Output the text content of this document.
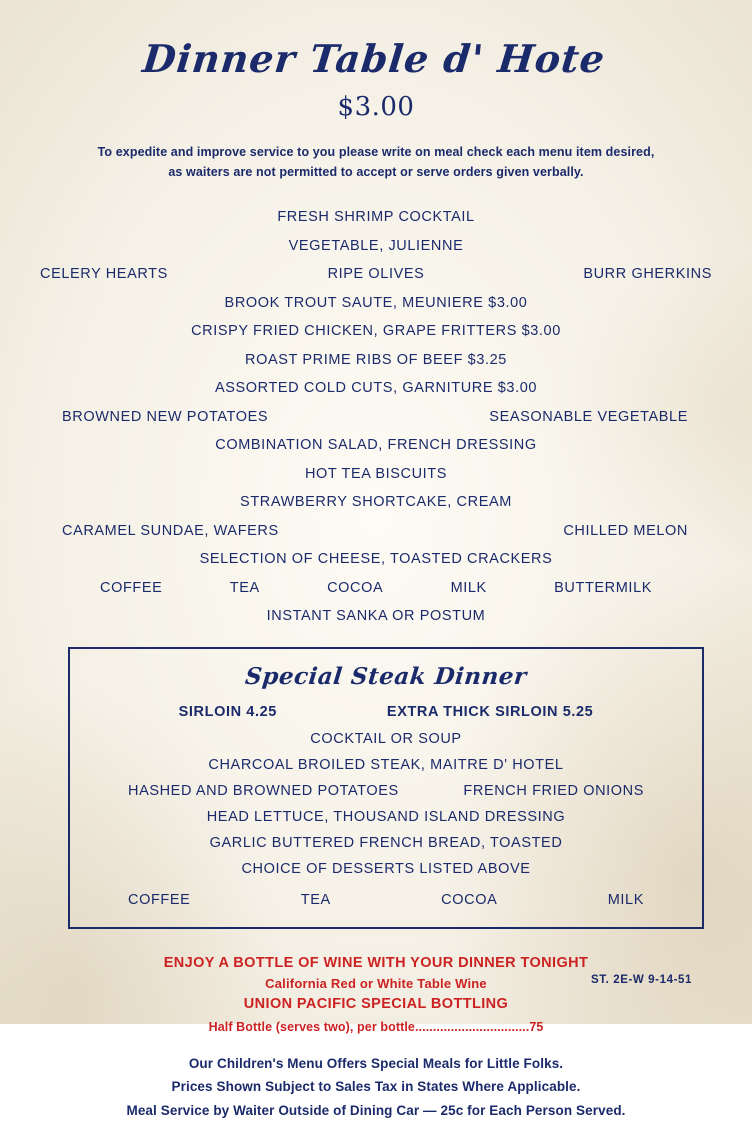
Dinner Table d' Hote
$3.00
To expedite and improve service to you please write on meal check each menu item desired,
as waiters are not permitted to accept or serve orders given verbally.
FRESH SHRIMP COCKTAIL
VEGETABLE, JULIENNE
CELERY HEARTS	RIPE OLIVES	BURR GHERKINS
BROOK TROUT SAUTE, MEUNIERE $3.00
CRISPY FRIED CHICKEN, GRAPE FRITTERS $3.00
ROAST PRIME RIBS OF BEEF $3.25
ASSORTED COLD CUTS, GARNITURE $3.00
BROWNED NEW POTATOES	SEASONABLE VEGETABLE
COMBINATION SALAD, FRENCH DRESSING
HOT TEA BISCUITS
STRAWBERRY SHORTCAKE, CREAM
CARAMEL SUNDAE, WAFERS	CHILLED MELON
SELECTION OF CHEESE, TOASTED CRACKERS
COFFEE	TEA	COCOA	MILK	BUTTERMILK
INSTANT SANKA OR POSTUM
Special Steak Dinner
SIRLOIN 4.25	EXTRA THICK SIRLOIN 5.25
COCKTAIL OR SOUP
CHARCOAL BROILED STEAK, MAITRE D' HOTEL
HASHED AND BROWNED POTATOES	FRENCH FRIED ONIONS
HEAD LETTUCE, THOUSAND ISLAND DRESSING
GARLIC BUTTERED FRENCH BREAD, TOASTED
CHOICE OF DESSERTS LISTED ABOVE
COFFEE	TEA	COCOA	MILK
ENJOY A BOTTLE OF WINE WITH YOUR DINNER TONIGHT
California Red or White Table Wine
UNION PACIFIC SPECIAL BOTTLING
Half Bottle (serves two), per bottle................................75
Our Children's Menu Offers Special Meals for Little Folks.
Prices Shown Subject to Sales Tax in States Where Applicable.
Meal Service by Waiter Outside of Dining Car — 25c for Each Person Served.
ST. 2E-W 9-14-51
